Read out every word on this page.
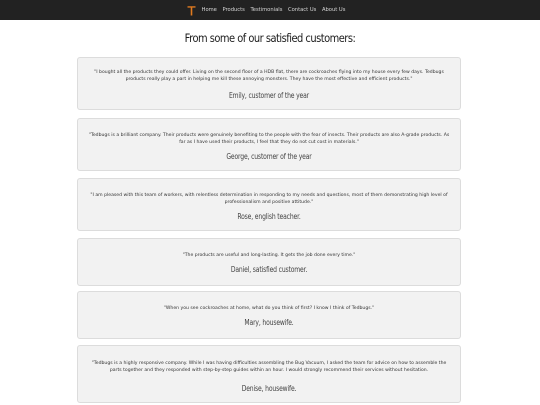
Home Products Testimonials Contact Us About Us
From some of our satisfied customers:

"I bought all the products they could offer. Living on the second floor of a HDB flat, there are cockroaches flying into my house every few days. Tedbugs products really play a part in helping me kill these annoying monsters. They have the most effective and efficient products."

Emily, customer of the year

"Tedbugs is a brilliant company. Their products were genuinely benefiting to the people with the fear of insects. Their products are also A-grade products. As far as I have used their products, I feel that they do not cut cost in materials."

George, customer of the year

"I am pleased with this team of workers, with relentless determination in responding to my needs and questions, most of them demonstrating high level of professionalism and positive attitude."

Rose, english teacher.

"The products are useful and long-lasting. It gets the job done every time."

Daniel, satisfied customer.

"When you see cockroaches at home, what do you think of first? I know I think of Tedbugs."

Mary, housewife.

"Tedbugs is a highly responsive company. While I was having difficulties assembling the Bug Vacuum, I asked the team for advice on how to assemble the parts together and they responded with step-by-step guides within an hour. I would strongly recommend their services without hesitation.

Denise, housewife.
